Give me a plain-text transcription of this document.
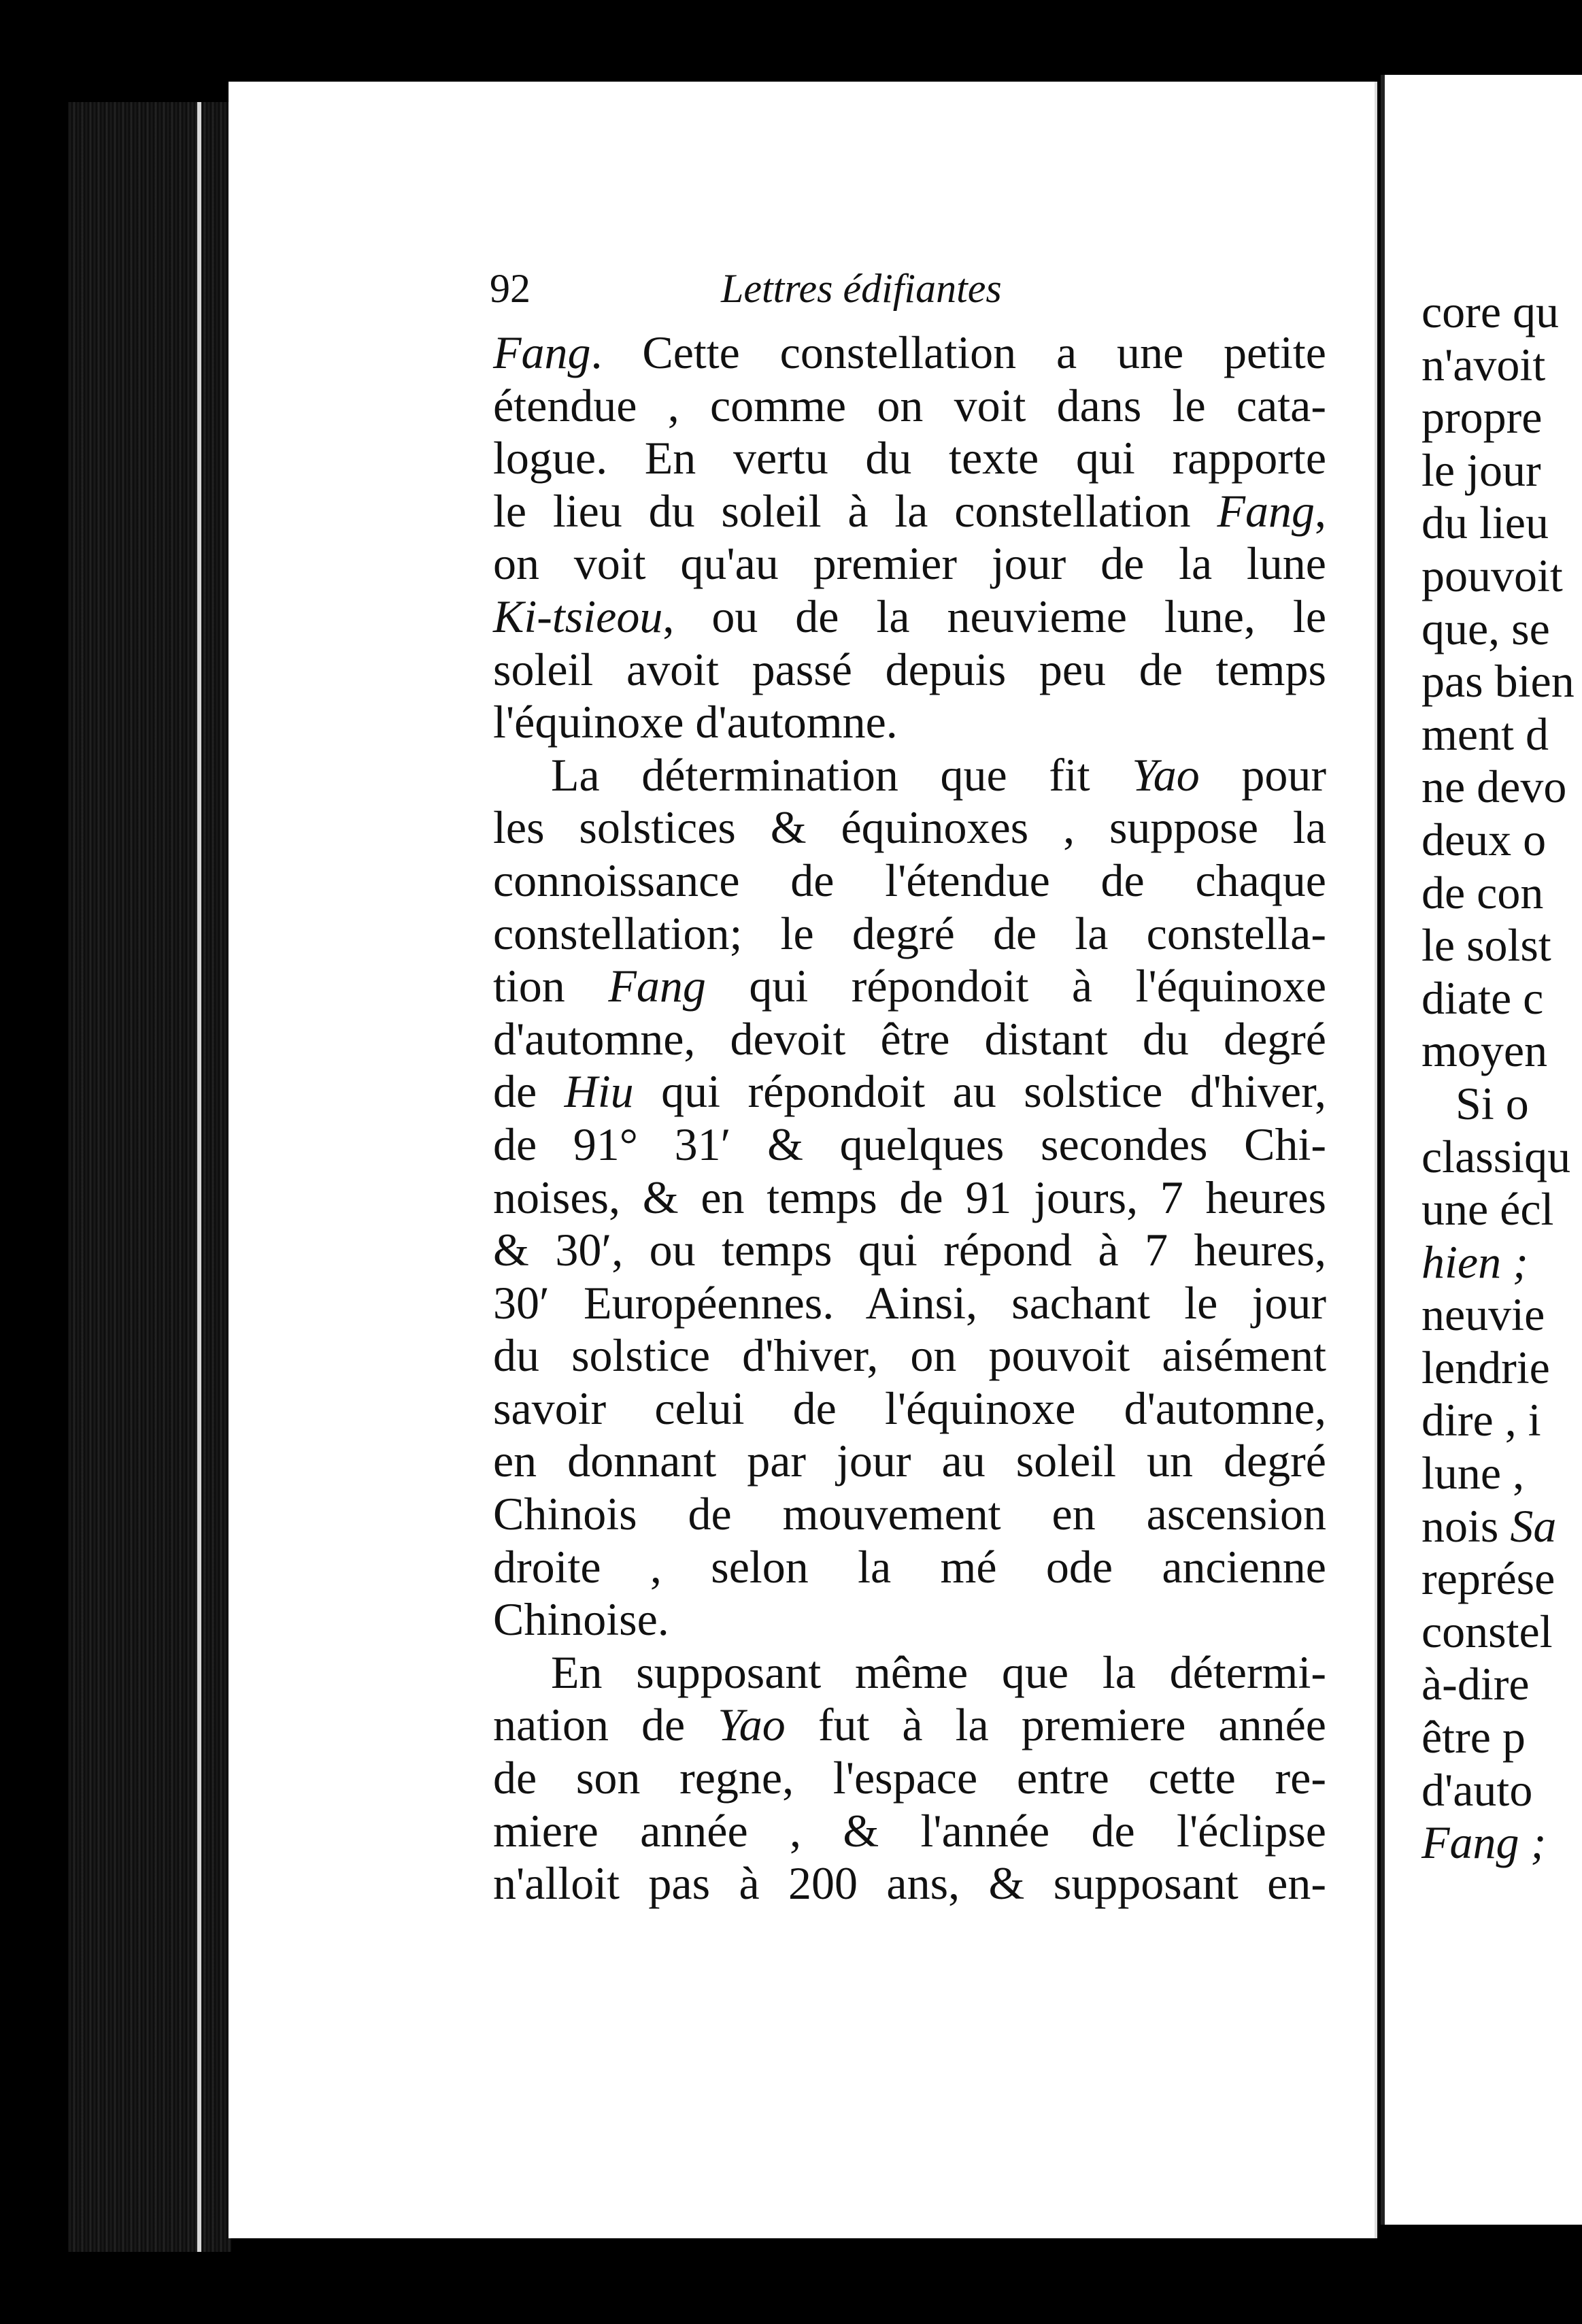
92	Lettres édifiantes
Fang. Cette constellation a une petite
étendue , comme on voit dans le cata-
logue. En vertu du texte qui rapporte
le lieu du soleil à la constellation Fang,
on voit qu'au premier jour de la lune
Ki-tsieou, ou de la neuvieme lune, le
soleil avoit passé depuis peu de temps
l'équinoxe d'automne.
La détermination que fit Yao pour
les solstices & équinoxes , suppose la
connoissance de l'étendue de chaque
constellation; le degré de la constella-
tion Fang qui répondoit à l'équinoxe
d'automne, devoit être distant du degré
de Hiu qui répondoit au solstice d'hiver,
de 91° 31′ & quelques secondes Chi-
noises, & en temps de 91 jours, 7 heures
& 30′, ou temps qui répond à 7 heures,
30′ Européennes. Ainsi, sachant le jour
du solstice d'hiver, on pouvoit aisément
savoir celui de l'équinoxe d'automne,
en donnant par jour au soleil un degré
Chinois de mouvement en ascension
droite , selon la mé ode ancienne
Chinoise.
En supposant même que la détermi-
nation de Yao fut à la premiere année
de son regne, l'espace entre cette re-
miere année , & l'année de l'éclipse
n'alloit pas à 200 ans, & supposant en-
core qu
n'avoit
propre
le jour
du lieu
pouvoit
que, se
pas bien
ment d
ne devo
deux o
de con
le solst
diate c
moyen
Si o
classiqu
une écl
hien ;
neuvie
lendrie
dire , i
lune ,
nois Sa
représe
constel
à-dire
être p
d'auto
Fang ;
